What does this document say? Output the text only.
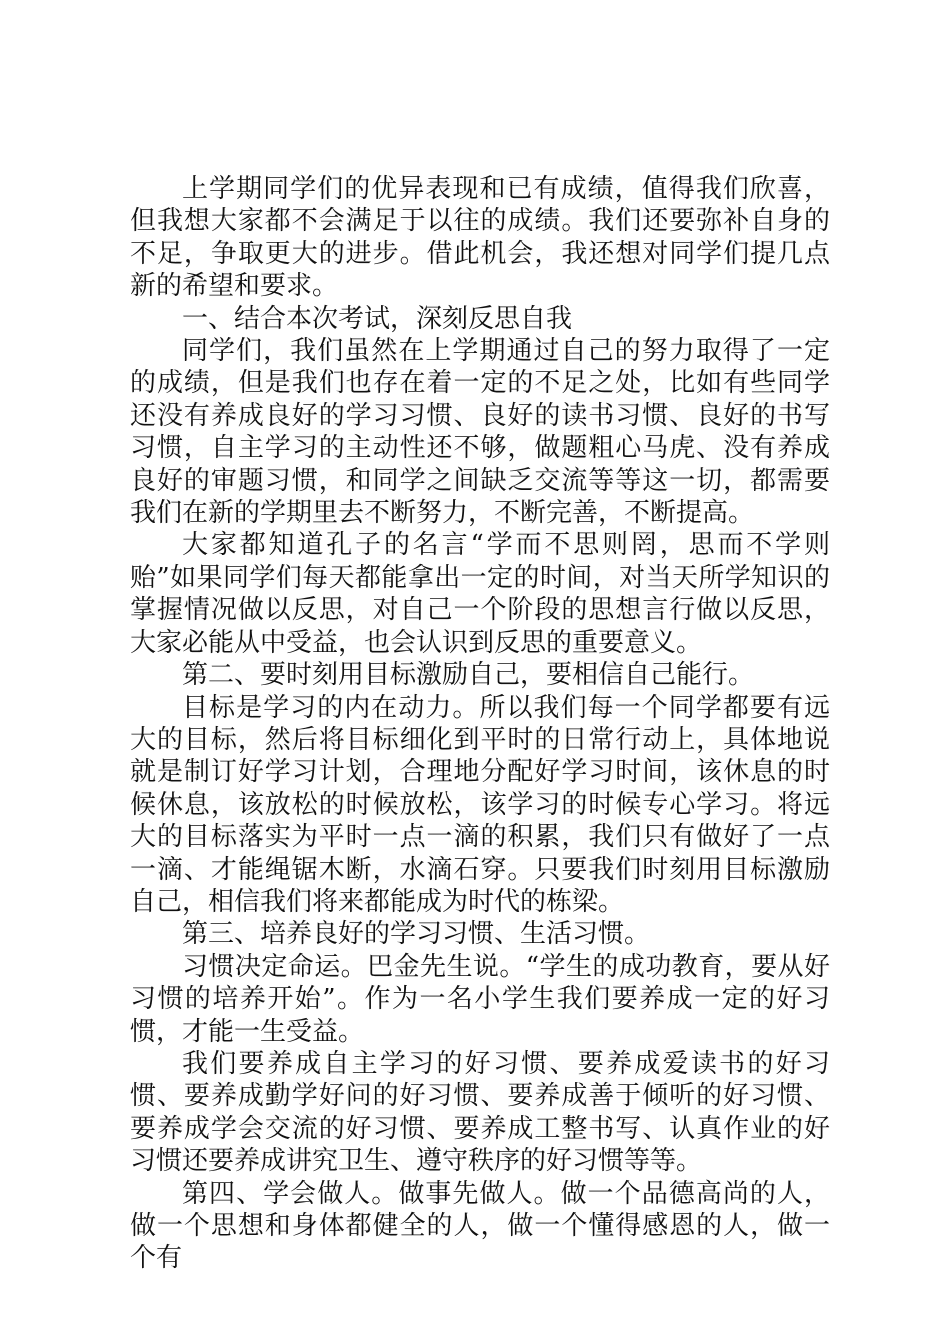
上学期同学们的优异表现和已有成绩，值得我们欣喜，但我想大家都不会满足于以往的成绩。我们还要弥补自身的不足，争取更大的进步。借此机会，我还想对同学们提几点新的希望和要求。

一、结合本次考试，深刻反思自我

同学们，我们虽然在上学期通过自己的努力取得了一定的成绩，但是我们也存在着一定的不足之处，比如有些同学还没有养成良好的学习习惯、良好的读书习惯、良好的书写习惯，自主学习的主动性还不够，做题粗心马虎、没有养成良好的审题习惯，和同学之间缺乏交流等等这一切，都需要我们在新的学期里去不断努力，不断完善，不断提高。

大家都知道孔子的名言“学而不思则罔，思而不学则贻”如果同学们每天都能拿出一定的时间，对当天所学知识的掌握情况做以反思，对自己一个阶段的思想言行做以反思，大家必能从中受益，也会认识到反思的重要意义。

第二、要时刻用目标激励自己，要相信自己能行。

目标是学习的内在动力。所以我们每一个同学都要有远大的目标，然后将目标细化到平时的日常行动上，具体地说就是制订好学习计划，合理地分配好学习时间，该休息的时候休息，该放松的时候放松，该学习的时候专心学习。将远大的目标落实为平时一点一滴的积累，我们只有做好了一点一滴、才能绳锯木断，水滴石穿。只要我们时刻用目标激励自己，相信我们将来都能成为时代的栋梁。

第三、培养良好的学习习惯、生活习惯。

习惯决定命运。巴金先生说。“学生的成功教育，要从好习惯的培养开始”。作为一名小学生我们要养成一定的好习惯，才能一生受益。

我们要养成自主学习的好习惯、要养成爱读书的好习惯、要养成勤学好问的好习惯、要养成善于倾听的好习惯、要养成学会交流的好习惯、要养成工整书写、认真作业的好习惯还要养成讲究卫生、遵守秩序的好习惯等等。

第四、学会做人。做事先做人。做一个品德高尚的人，做一个思想和身体都健全的人，做一个懂得感恩的人，做一个有
